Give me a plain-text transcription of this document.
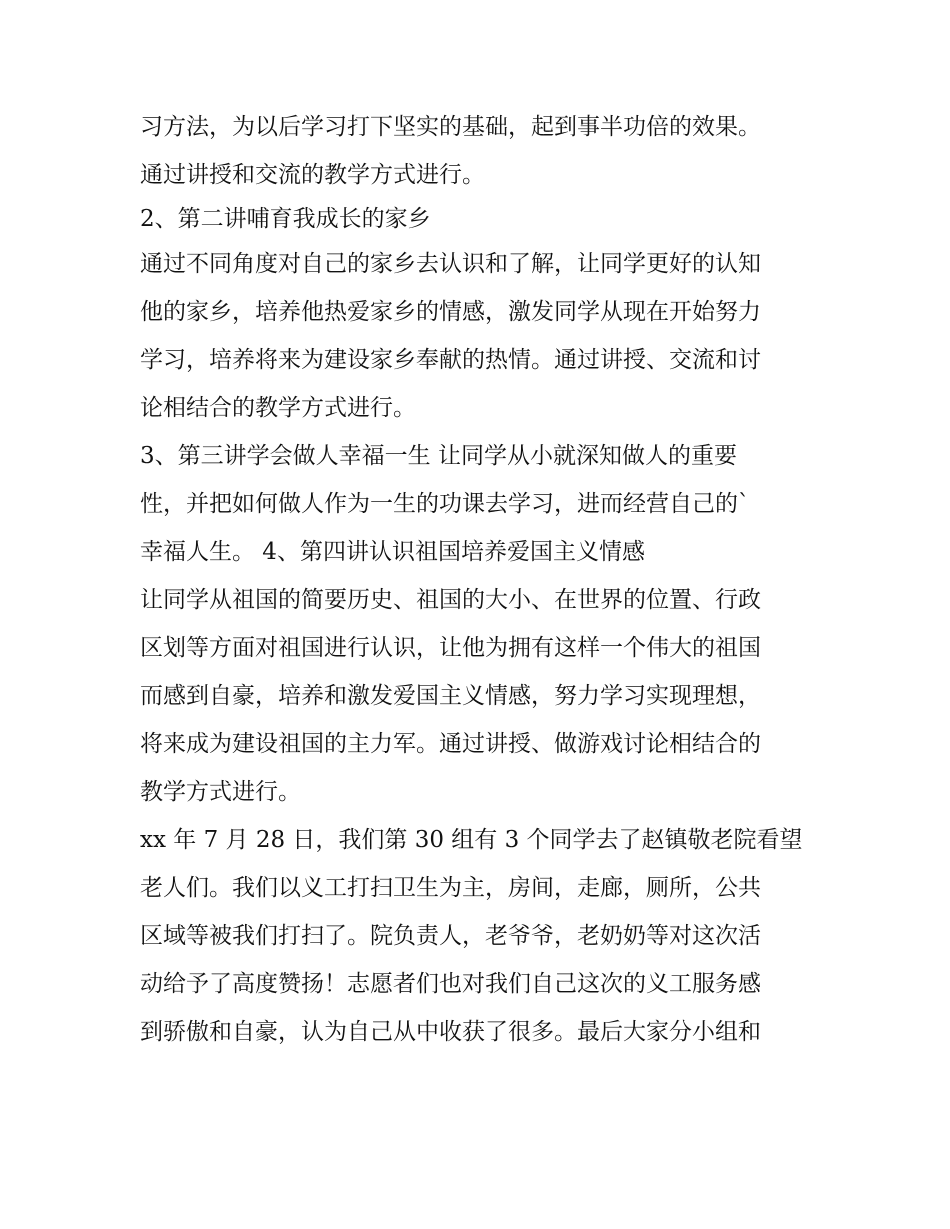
习方法，为以后学习打下坚实的基础，起到事半功倍的效果。
通过讲授和交流的教学方式进行。
2、第二讲哺育我成长的家乡
通过不同角度对自己的家乡去认识和了解，让同学更好的认知
他的家乡，培养他热爱家乡的情感，激发同学从现在开始努力
学习，培养将来为建设家乡奉献的热情。通过讲授、交流和讨
论相结合的教学方式进行。
3、第三讲学会做人幸福一生 让同学从小就深知做人的重要
性，并把如何做人作为一生的功课去学习，进而经营自己的`
幸福人生。 4、第四讲认识祖国培养爱国主义情感
让同学从祖国的简要历史、祖国的大小、在世界的位置、行政
区划等方面对祖国进行认识，让他为拥有这样一个伟大的祖国
而感到自豪，培养和激发爱国主义情感，努力学习实现理想，
将来成为建设祖国的主力军。通过讲授、做游戏讨论相结合的
教学方式进行。
xx 年 7 月 28 日，我们第 30 组有 3 个同学去了赵镇敬老院看望
老人们。我们以义工打扫卫生为主，房间，走廊，厕所，公共
区域等被我们打扫了。院负责人，老爷爷，老奶奶等对这次活
动给予了高度赞扬！志愿者们也对我们自己这次的义工服务感
到骄傲和自豪，认为自己从中收获了很多。最后大家分小组和
